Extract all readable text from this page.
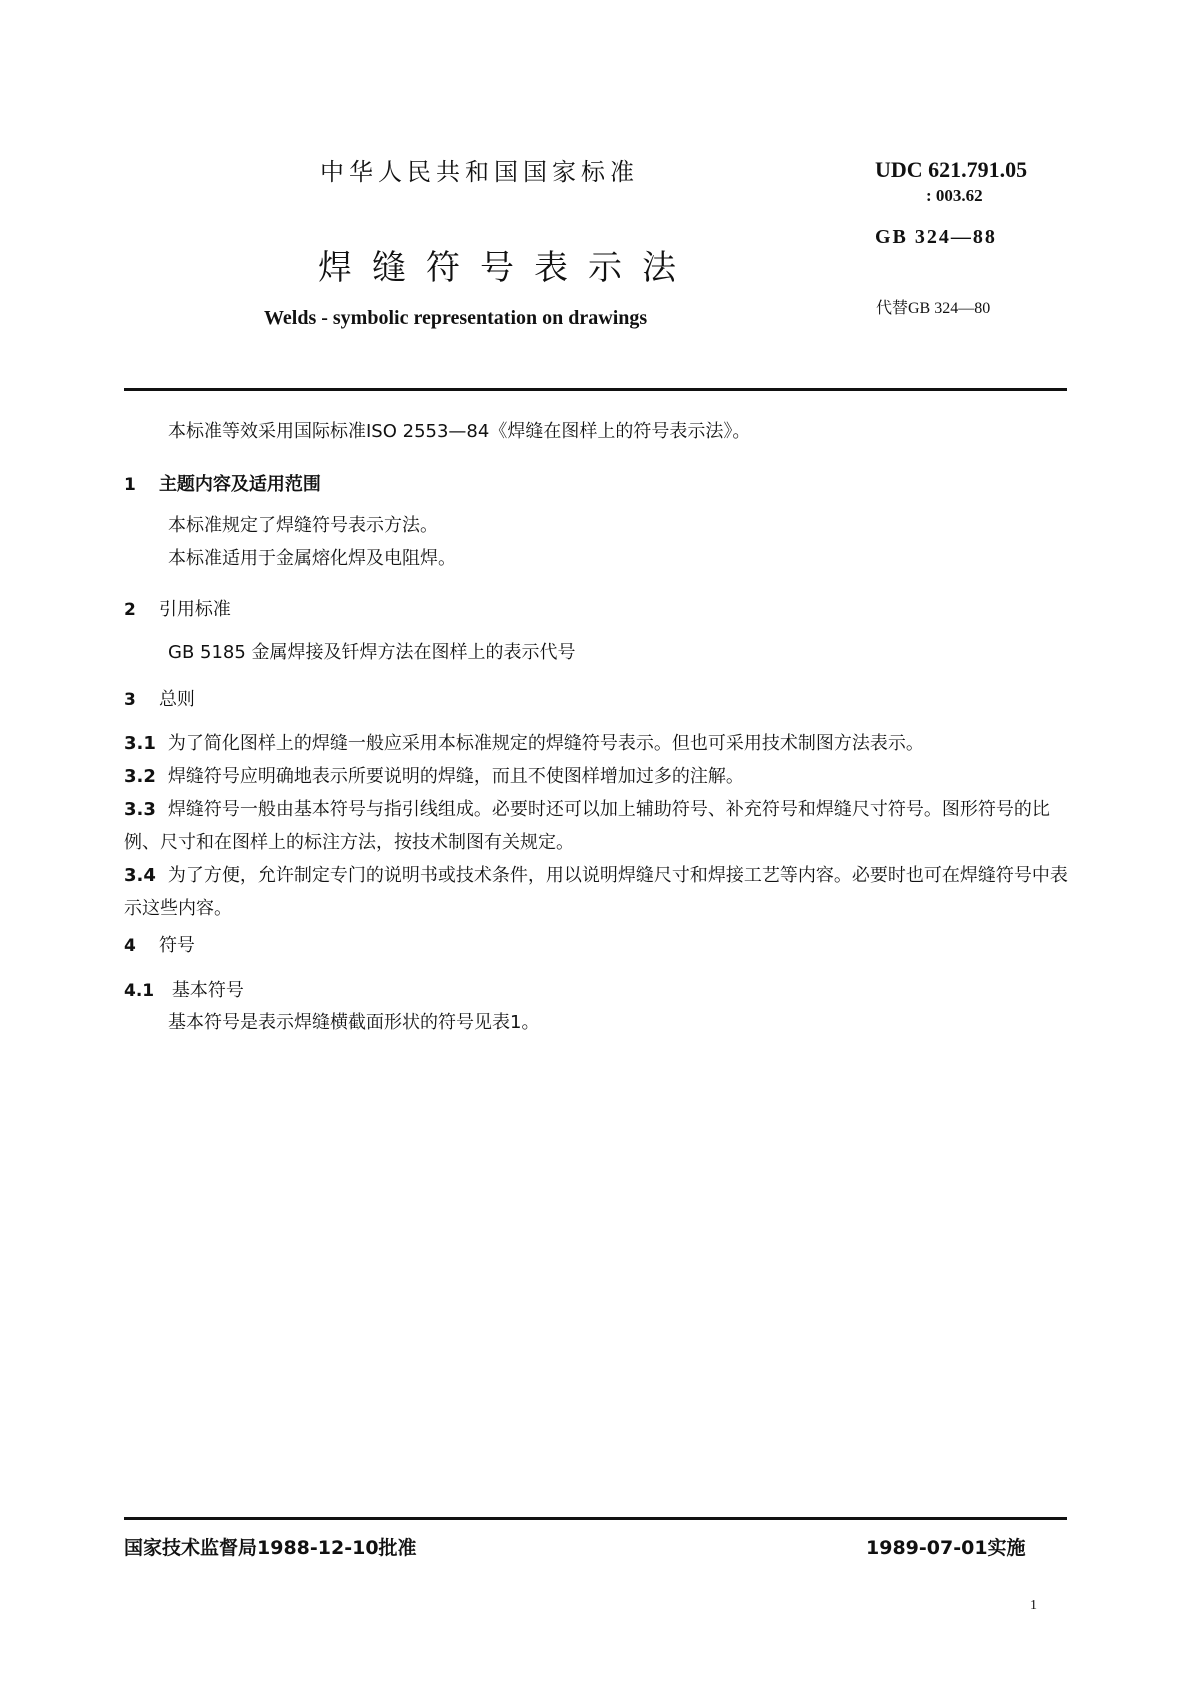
中华人民共和国国家标准
焊缝符号表示法
Welds - symbolic representation on drawings
UDC 621.791.05
: 003.62
GB 324—88
代替GB 324—80
本标准等效采用国际标准ISO 2553—84《焊缝在图样上的符号表示法》。
1 主题内容及适用范围
本标准规定了焊缝符号表示方法。
本标准适用于金属熔化焊及电阻焊。
2 引用标准
GB 5185 金属焊接及钎焊方法在图样上的表示代号
3 总则
3.1 为了简化图样上的焊缝一般应采用本标准规定的焊缝符号表示。但也可采用技术制图方法表示。
3.2 焊缝符号应明确地表示所要说明的焊缝，而且不使图样增加过多的注解。
3.3 焊缝符号一般由基本符号与指引线组成。必要时还可以加上辅助符号、补充符号和焊缝尺寸符号。图形符号的比例、尺寸和在图样上的标注方法，按技术制图有关规定。
3.4 为了方便，允许制定专门的说明书或技术条件，用以说明焊缝尺寸和焊接工艺等内容。必要时也可在焊缝符号中表示这些内容。
4 符号
4.1 基本符号
基本符号是表示焊缝横截面形状的符号见表1。
国家技术监督局1988-12-10批准	1989-07-01实施
1
